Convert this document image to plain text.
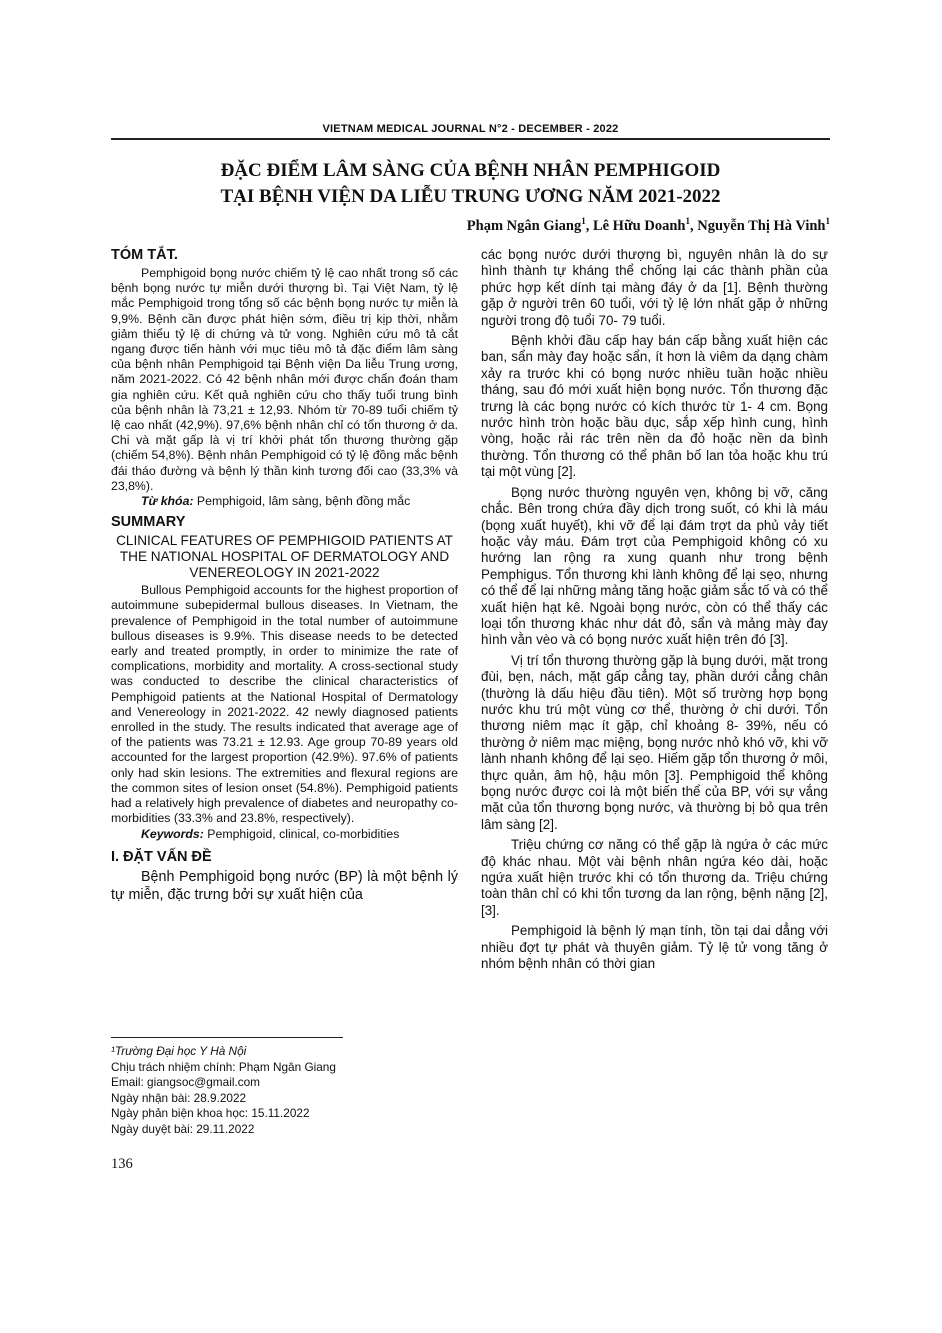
VIETNAM MEDICAL JOURNAL N°2 - DECEMBER - 2022
ĐẶC ĐIỂM LÂM SÀNG CỦA BỆNH NHÂN PEMPHIGOID
TẠI BỆNH VIỆN DA LIỄU TRUNG ƯƠNG NĂM 2021-2022
Phạm Ngân Giang$^1$, Lê Hữu Doanh$^1$, Nguyễn Thị Hà Vinh$^1$
TÓM TẮT.

Pemphigoid bọng nước chiếm tỷ lệ cao nhất trong số các bệnh bọng nước tự miễn dưới thượng bì. Tại Việt Nam, tỷ lệ mắc Pemphigoid trong tổng số các bệnh bọng nước tự miễn là 9,9%. Bệnh cần được phát hiện sớm, điều trị kịp thời, nhằm giảm thiểu tỷ lệ di chứng và tử vong. Nghiên cứu mô tả cắt ngang được tiến hành với mục tiêu mô tả đặc điểm lâm sàng của bệnh nhân Pemphigoid tại Bệnh viện Da liễu Trung ương, năm 2021-2022. Có 42 bệnh nhân mới được chẩn đoán tham gia nghiên cứu. Kết quả nghiên cứu cho thấy tuổi trung bình của bệnh nhân là 73,21 ± 12,93. Nhóm từ 70-89 tuổi chiếm tỷ lệ cao nhất (42,9%). 97,6% bệnh nhân chỉ có tổn thương ở da. Chi và mặt gấp là vị trí khởi phát tổn thương thường gặp (chiếm 54,8%). Bệnh nhân Pemphigoid có tỷ lệ đồng mắc bệnh đái tháo đường và bệnh lý thần kinh tương đối cao (33,3% và 23,8%).

Từ khóa: Pemphigoid, lâm sàng, bệnh đồng mắc

SUMMARY
CLINICAL FEATURES OF PEMPHIGOID PATIENTS AT THE NATIONAL HOSPITAL OF DERMATOLOGY AND VENEREOLOGY IN 2021-2022

Bullous Pemphigoid accounts for the highest proportion of autoimmune subepidermal bullous diseases. In Vietnam, the prevalence of Pemphigoid in the total number of autoimmune bullous diseases is 9.9%. This disease needs to be detected early and treated promptly, in order to minimize the rate of complications, morbidity and mortality. A cross-sectional study was conducted to describe the clinical characteristics of Pemphigoid patients at the National Hospital of Dermatology and Venereology in 2021-2022. 42 newly diagnosed patients enrolled in the study. The results indicated that average age of of the patients was 73.21 ± 12.93. Age group 70-89 years old accounted for the largest proportion (42.9%). 97.6% of patients only had skin lesions. The extremities and flexural regions are the common sites of lesion onset (54.8%). Pemphigoid patients had a relatively high prevalence of diabetes and neuropathy co-morbidities (33.3% and 23.8%, respectively).

Keywords: Pemphigoid, clinical, co-morbidities

I. ĐẶT VẤN ĐỀ

Bệnh Pemphigoid bọng nước (BP) là một bệnh lý tự miễn, đặc trưng bởi sự xuất hiện của

các bọng nước dưới thượng bì, nguyên nhân là do sự hình thành tự kháng thể chống lại các thành phần của phức hợp kết dính tại màng đáy ở da [1]. Bệnh thường gặp ở người trên 60 tuổi, với tỷ lệ lớn nhất gặp ở những người trong độ tuổi 70- 79 tuổi.

Bệnh khởi đầu cấp hay bán cấp bằng xuất hiện các ban, sẩn mày đay hoặc sẩn, ít hơn là viêm da dạng chàm xảy ra trước khi có bọng nước nhiều tuần hoặc nhiều tháng, sau đó mới xuất hiện bọng nước. Tổn thương đặc trưng là các bọng nước có kích thước từ 1- 4 cm. Bọng nước hình tròn hoặc bầu dục, sắp xếp hình cung, hình vòng, hoặc rải rác trên nền da đỏ hoặc nền da bình thường. Tổn thương có thể phân bố lan tỏa hoặc khu trú tại một vùng [2].

Bọng nước thường nguyên vẹn, không bị vỡ, căng chắc. Bên trong chứa đầy dịch trong suốt, có khi là máu (bọng xuất huyết), khi vỡ để lại đám trợt da phủ vảy tiết hoặc vảy máu. Đám trợt của Pemphigoid không có xu hướng lan rộng ra xung quanh như trong bệnh Pemphigus. Tổn thương khi lành không để lại sẹo, nhưng có thể để lại những mảng tăng hoặc giảm sắc tố và có thể xuất hiện hạt kê. Ngoài bọng nước, còn có thể thấy các loại tổn thương khác như dát đỏ, sẩn và mảng mày đay hình vằn vèo và có bọng nước xuất hiện trên đó [3].

Vị trí tổn thương thường gặp là bụng dưới, mặt trong đùi, bẹn, nách, mặt gấp cẳng tay, phần dưới cẳng chân (thường là dấu hiệu đầu tiên). Một số trường hợp bọng nước khu trú một vùng cơ thể, thường ở chi dưới. Tổn thương niêm mạc ít gặp, chỉ khoảng 8- 39%, nếu có thường ở niêm mạc miệng, bọng nước nhỏ khó vỡ, khi vỡ lành nhanh không để lại sẹo. Hiếm gặp tổn thương ở môi, thực quản, âm hộ, hậu môn [3]. Pemphigoid thể không bọng nước được coi là một biến thể của BP, với sự vắng mặt của tổn thương bọng nước, và thường bị bỏ qua trên lâm sàng [2].

Triệu chứng cơ năng có thể gặp là ngứa ở các mức độ khác nhau. Một vài bệnh nhân ngứa kéo dài, hoặc ngứa xuất hiện trước khi có tổn thương da. Triệu chứng toàn thân chỉ có khi tổn tương da lan rộng, bệnh nặng [2], [3].

Pemphigoid là bệnh lý mạn tính, tồn tại dai dẳng với nhiều đợt tự phát và thuyên giảm. Tỷ lệ tử vong tăng ở nhóm bệnh nhân có thời gian

¹Trường Đại học Y Hà Nội
Chịu trách nhiệm chính: Phạm Ngân Giang
Email: giangsoc@gmail.com
Ngày nhận bài: 28.9.2022
Ngày phản biện khoa học: 15.11.2022
Ngày duyệt bài: 29.11.2022
136
